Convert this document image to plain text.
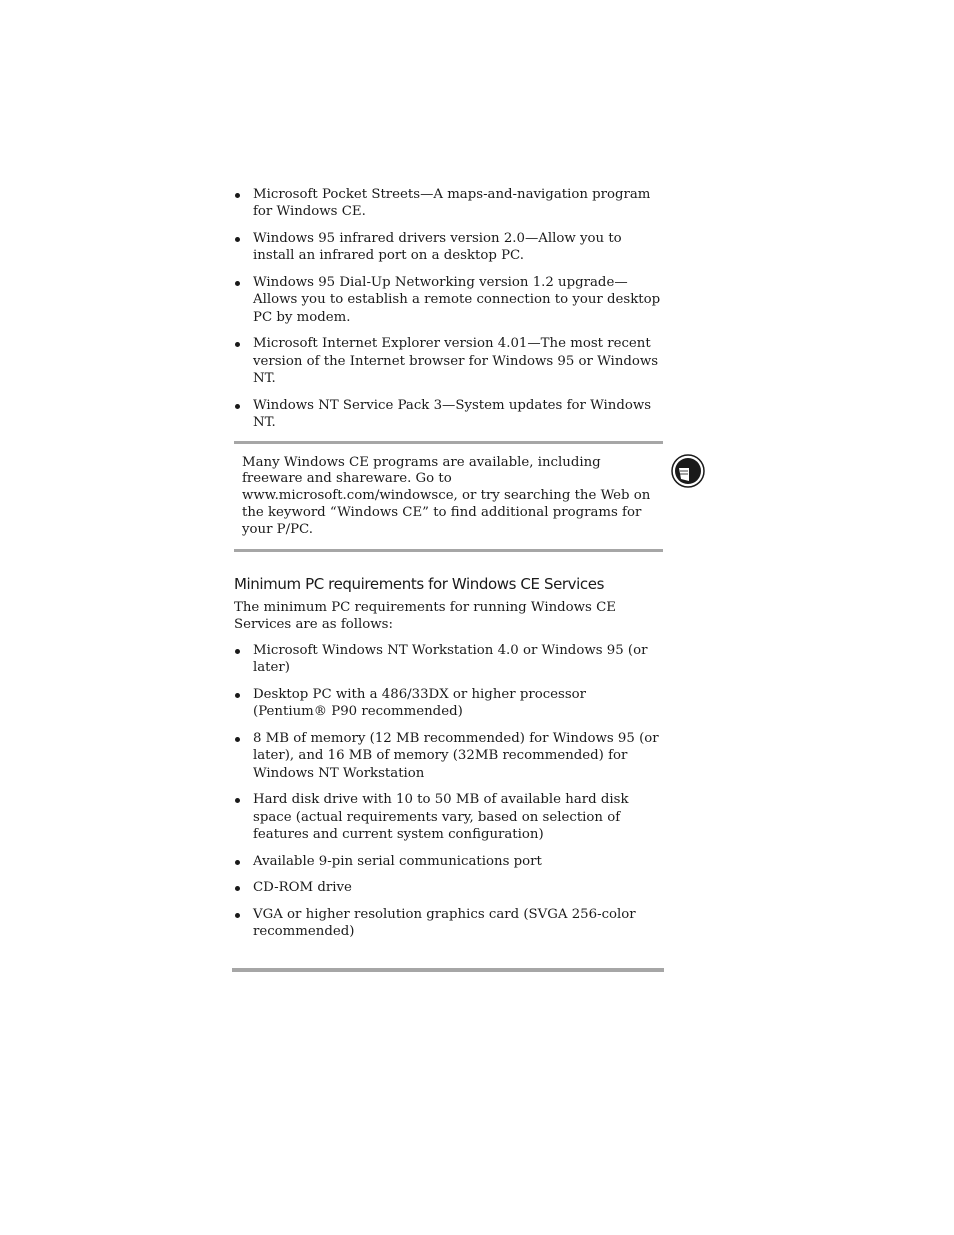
Microsoft Pocket Streets—A maps-and-navigation program for Windows CE.
Windows 95 infrared drivers version 2.0—Allow you to install an infrared port on a desktop PC.
Windows 95 Dial-Up Networking version 1.2 upgrade—Allows you to establish a remote connection to your desktop PC by modem.
Microsoft Internet Explorer version 4.01—The most recent version of the Internet browser for Windows 95 or Windows NT.
Windows NT Service Pack 3—System updates for Windows NT.
Many Windows CE programs are available, including freeware and shareware. Go to www.microsoft.com/windowsce, or try searching the Web on the keyword “Windows CE” to find additional programs for your P/PC.
Minimum PC requirements for Windows CE Services

The minimum PC requirements for running Windows CE Services are as follows:

Microsoft Windows NT Workstation 4.0 or Windows 95 (or later)
Desktop PC with a 486/33DX or higher processor (Pentium® P90 recommended)
8 MB of memory (12 MB recommended) for Windows 95 (or later), and 16 MB of memory (32MB recommended) for Windows NT Workstation
Hard disk drive with 10 to 50 MB of available hard disk space (actual requirements vary, based on selection of features and current system configuration)
Available 9-pin serial communications port
CD-ROM drive
VGA or higher resolution graphics card (SVGA 256-color recommended)
